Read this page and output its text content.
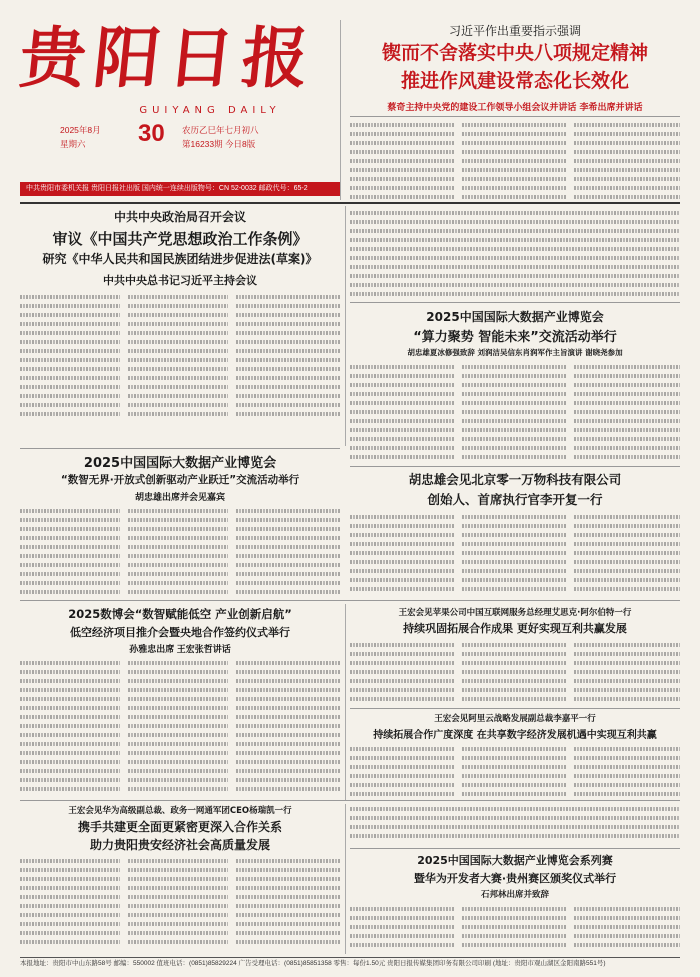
贵阳日报
GUIYANG DAILY
2025年8月
星期六 30 农历乙巳年七月初八
第16233期 今日8版
中共贵阳市委机关报 贵阳日报社出版 国内统一连续出版物号：CN 52-0032 邮政代号：65-2
习近平作出重要指示强调
锲而不舍落实中央八项规定精神
推进作风建设常态化长效化
蔡奇主持中央党的建设工作领导小组会议并讲话 李希出席并讲话
中共中央政治局召开会议
审议《中国共产党思想政治工作条例》
研究《中华人民共和国民族团结进步促进法(草案)》
中共中央总书记习近平主持会议
2025中国国际大数据产业博览会
“算力聚势 智能未来”交流活动举行
胡忠雄夏冰修强致辞 刘润洁吴信东肖润军作主旨演讲 谢晓尧参加
2025中国国际大数据产业博览会
“数智无界·开放式创新驱动产业跃迁”交流活动举行
胡忠雄出席并会见嘉宾
胡忠雄会见北京零一万物科技有限公司
创始人、首席执行官李开复一行
2025数博会“数智赋能低空 产业创新启航”
低空经济项目推介会暨央地合作签约仪式举行
孙雅忠出席 王宏张哲讲话
王宏会见苹果公司中国互联网服务总经理艾思克·阿尔伯特一行
持续巩固拓展合作成果 更好实现互利共赢发展
王宏会见阿里云战略发展副总裁李嘉平一行
持续拓展合作广度深度 在共享数字经济发展机遇中实现互利共赢
王宏会见华为高级副总裁、政务一网通军团CEO杨瑞凯一行
携手共建更全面更紧密更深入合作关系
助力贵阳贵安经济社会高质量发展
2025中国国际大数据产业博览会系列赛
暨华为开发者大赛·贵州赛区颁奖仪式举行
石邦林出席并致辞
本报地址：贵阳市中山东路58号 邮编：550002 值班电话：(0851)85829224 广告受理电话：(0851)85851358 零售：每份1.50元 贵阳日报传媒集团印务有限公司印刷 (地址：贵阳市观山湖区金阳南路551号)
